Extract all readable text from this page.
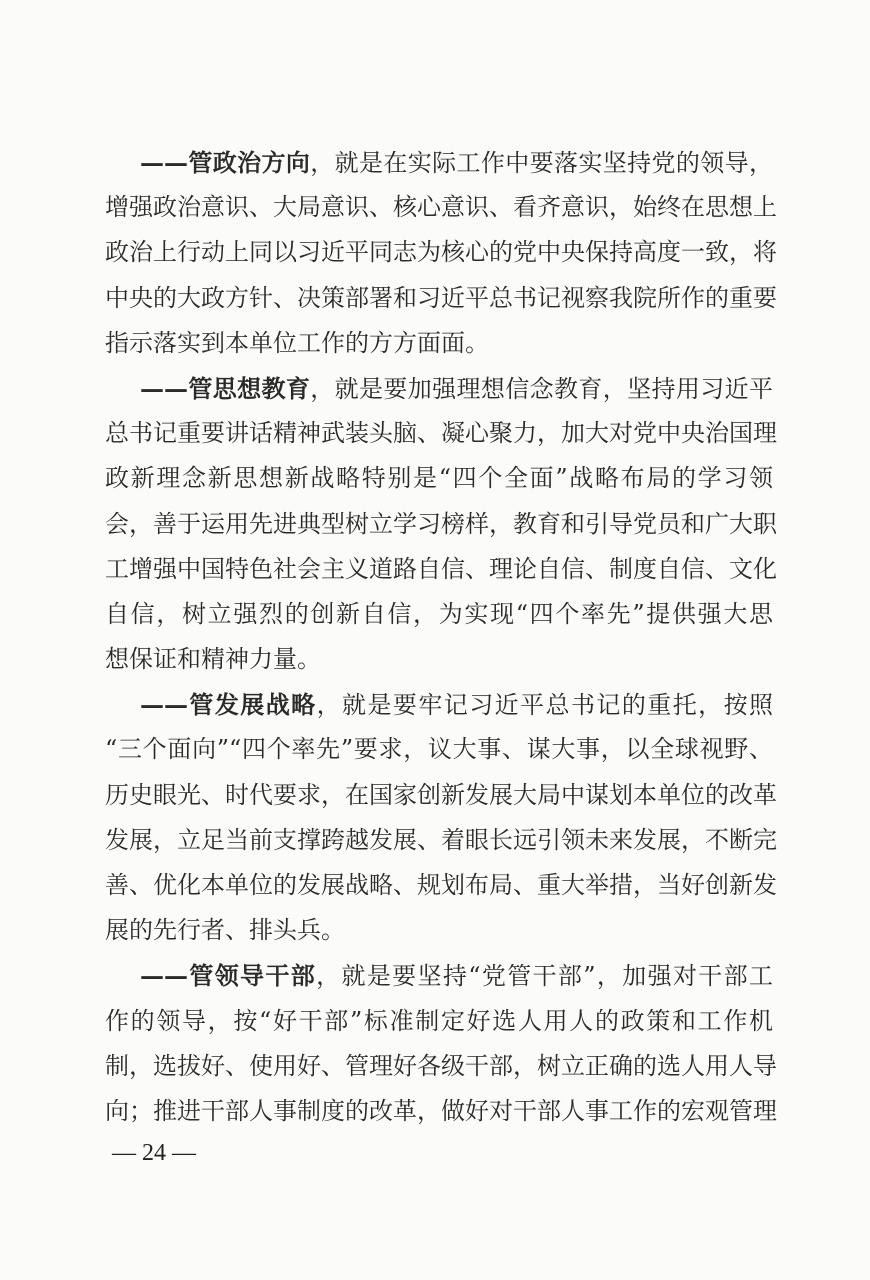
——管政治方向，就是在实际工作中要落实坚持党的领导，
增强政治意识、大局意识、核心意识、看齐意识，始终在思想上
政治上行动上同以习近平同志为核心的党中央保持高度一致，将
中央的大政方针、决策部署和习近平总书记视察我院所作的重要
指示落实到本单位工作的方方面面。
——管思想教育，就是要加强理想信念教育，坚持用习近平
总书记重要讲话精神武装头脑、凝心聚力，加大对党中央治国理
政新理念新思想新战略特别是“四个全面”战略布局的学习领
会，善于运用先进典型树立学习榜样，教育和引导党员和广大职
工增强中国特色社会主义道路自信、理论自信、制度自信、文化
自信，树立强烈的创新自信，为实现“四个率先”提供强大思
想保证和精神力量。
——管发展战略，就是要牢记习近平总书记的重托，按照
“三个面向”“四个率先”要求，议大事、谋大事，以全球视野、
历史眼光、时代要求，在国家创新发展大局中谋划本单位的改革
发展，立足当前支撑跨越发展、着眼长远引领未来发展，不断完
善、优化本单位的发展战略、规划布局、重大举措，当好创新发
展的先行者、排头兵。
——管领导干部，就是要坚持“党管干部”，加强对干部工
作的领导，按“好干部”标准制定好选人用人的政策和工作机
制，选拔好、使用好、管理好各级干部，树立正确的选人用人导
向；推进干部人事制度的改革，做好对干部人事工作的宏观管理
— 24 —
